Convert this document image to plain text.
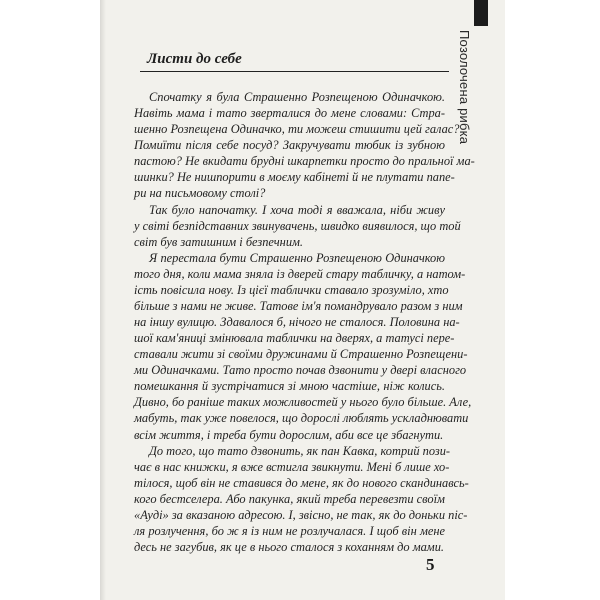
Позолочена рибка
Листи до себе
Спочатку я була Страшенно Розпещеною Одиначкою.
Навіть мама і тато зверталися до мене словами: Стра-
шенно Розпещена Одиначко, ти можеш стишити цей галас?
Помиїти після себе посуд? Закручувати тюбик із зубною
пастою? Не вкидати брудні шкарпетки просто до пральної ма-
шинки? Не нишпорити в моєму кабінеті й не плутати папе-
ри на письмовому столі?
Так було напочатку. І хоча тоді я вважала, ніби живу
у світі безпідставних звинувачень, швидко виявилося, що той
світ був затишним і безпечним.
Я перестала бути Страшенно Розпещеною Одиначкою
того дня, коли мама зняла із дверей стару табличку, а натом-
ість повісила нову. Із цієї таблички ставало зрозуміло, хто
більше з нами не живе. Татове ім'я помандрувало разом з ним
на іншу вулицю. Здавалося б, нічого не сталося. Половина на-
шої кам'яниці змінювала таблички на дверях, а татусі пере-
ставали жити зі своїми дружинами й Страшенно Розпещени-
ми Одиначками. Тато просто почав дзвонити у двері власного
помешкання й зустрічатися зі мною частіше, ніж колись.
Дивно, бо раніше таких можливостей у нього було більше. Але,
мабуть, так уже повелося, що дорослі люблять ускладнювати
всім життя, і треба бути дорослим, аби все це збагнути.
До того, що тато дзвонить, як пан Кавка, котрий пози-
чає в нас книжки, я вже встигла звикнути. Мені б лише хо-
тілося, щоб він не ставився до мене, як до нового скандинавсь-
кого бестселера. Або пакунка, який треба перевезти своїм
«Ауді» за вказаною адресою. І, звісно, не так, як до доньки піс-
ля розлучення, бо ж я із ним не розлучалася. І щоб він мене
десь не загубив, як це в нього сталося з коханням до мами.
5
